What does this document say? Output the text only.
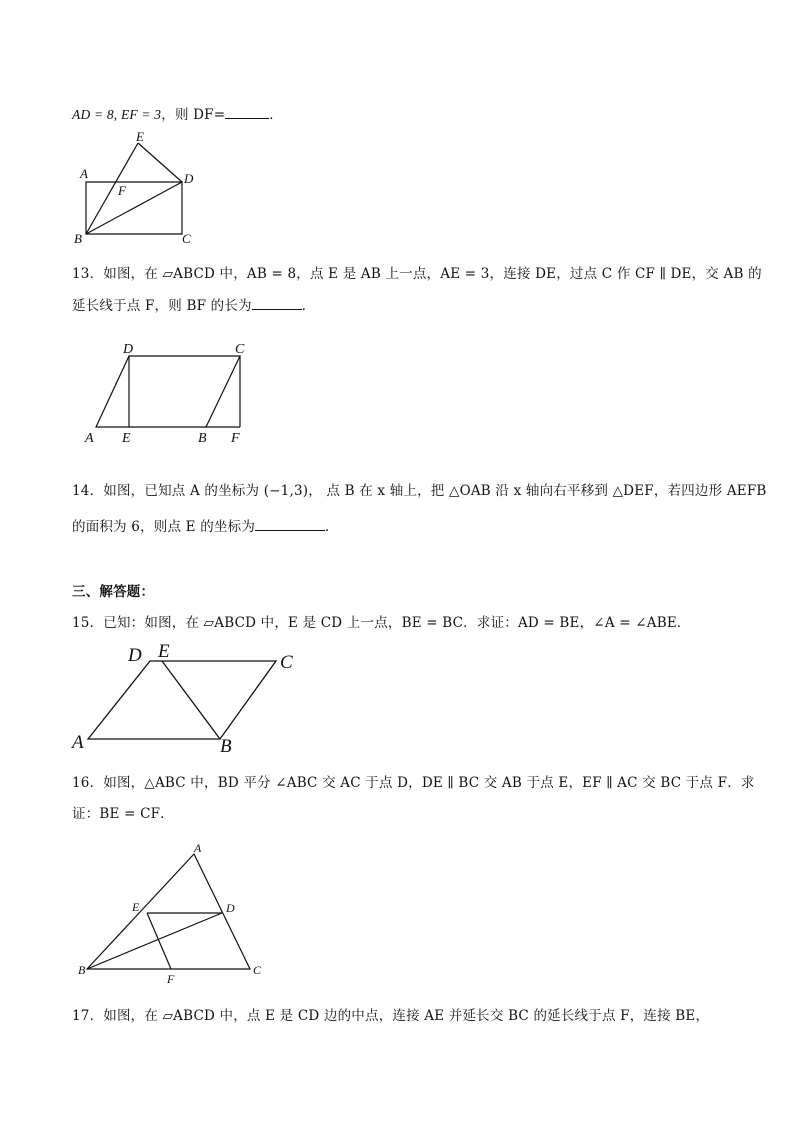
AD = 8, EF = 3，则 DF=	．
E
A
F
D
B	C
13．如图，在 ▱ABCD 中，AB = 8，点 E 是 AB 上一点，AE = 3，连接 DE，过点 C 作 CF ∥ DE，交 AB 的
延长线于点 F，则 BF 的长为	．
D	C
A E	B F
14．如图，已知点 A 的坐标为 (−1,3)， 点 B 在 x 轴上，把 △OAB 沿 x 轴向右平移到 △DEF，若四边形 AEFB
的面积为 6，则点 E 的坐标为	．
三、解答题：
15．已知：如图，在 ▱ABCD 中，E 是 CD 上一点，BE = BC．求证：AD = BE，∠A = ∠ABE．
D E
C
A	B
16．如图，△ABC 中，BD 平分 ∠ABC 交 AC 于点 D，DE ∥ BC 交 AB 于点 E，EF ∥ AC 交 BC 于点 F．求
证：BE = CF．
A
E	D
B
F
C
17．如图，在 ▱ABCD 中，点 E 是 CD 边的中点，连接 AE 并延长交 BC 的延长线于点 F，连接 BE，
